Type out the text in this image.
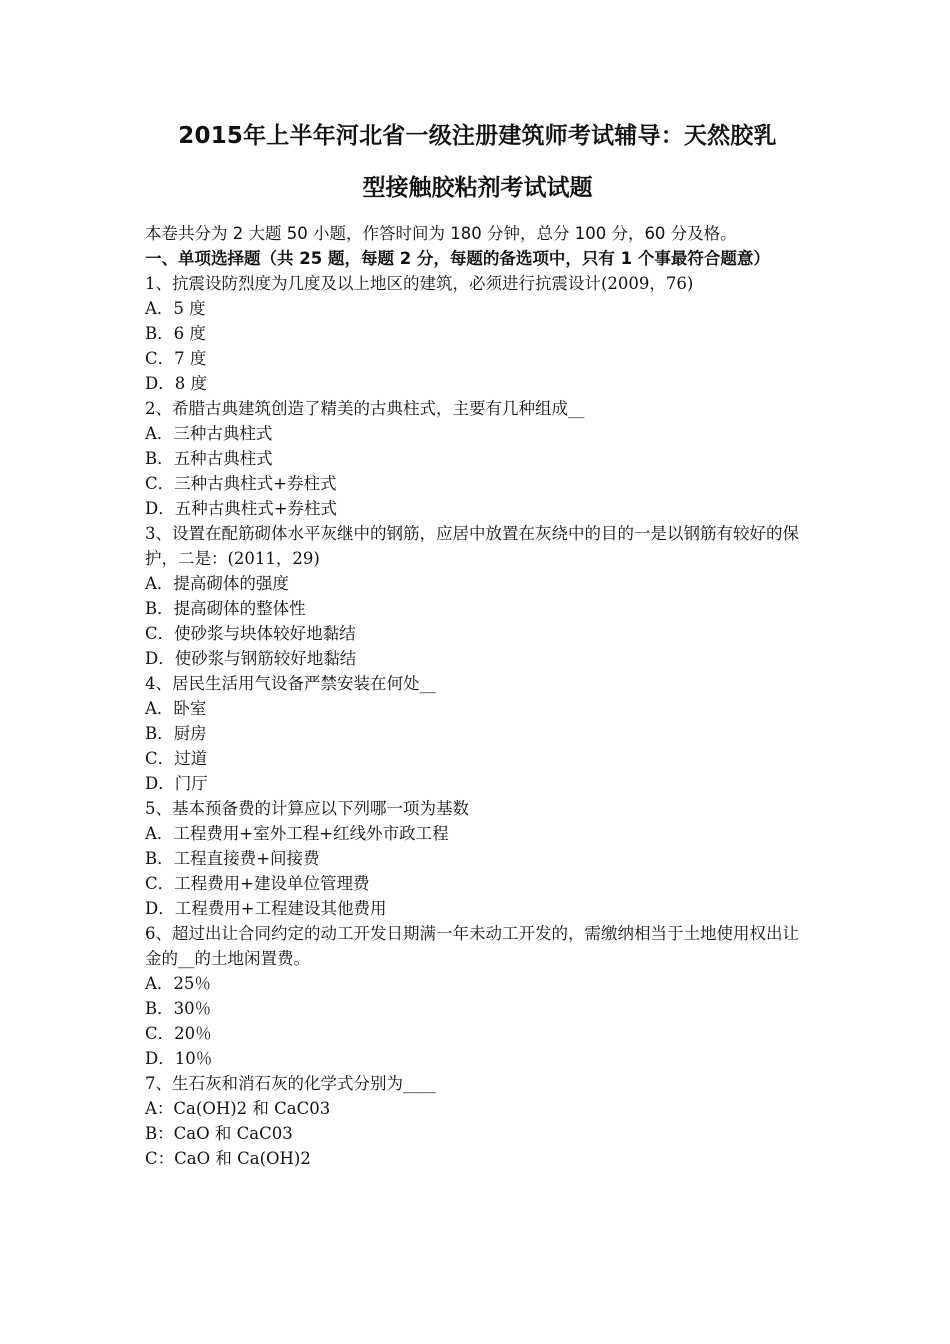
2015年上半年河北省一级注册建筑师考试辅导：天然胶乳
型接触胶粘剂考试试题
本卷共分为 2 大题 50 小题，作答时间为 180 分钟，总分 100 分，60 分及格。
一、单项选择题（共 25 题，每题 2 分，每题的备选项中，只有 1 个事最符合题意）
1、抗震设防烈度为几度及以上地区的建筑，必须进行抗震设计(2009，76)
A．5 度
B．6 度
C．7 度
D．8 度
2、希腊古典建筑创造了精美的古典柱式，主要有几种组成__
A．三种古典柱式
B．五种古典柱式
C．三种古典柱式+券柱式
D．五种古典柱式+券柱式
3、设置在配筋砌体水平灰继中的钢筋，应居中放置在灰绕中的目的一是以钢筋有较好的保护，二是：(2011，29)
A．提高砌体的强度
B．提高砌体的整体性
C．使砂浆与块体较好地黏结
D．使砂浆与钢筋较好地黏结
4、居民生活用气设备严禁安装在何处__
A．卧室
B．厨房
C．过道
D．门厅
5、基本预备费的计算应以下列哪一项为基数
A．工程费用+室外工程+红线外市政工程
B．工程直接费+间接费
C．工程费用+建设单位管理费
D．工程费用+工程建设其他费用
6、超过出让合同约定的动工开发日期满一年未动工开发的，需缴纳相当于土地使用权出让金的__的土地闲置费。
A．25％
B．30％
C．20％
D．10％
7、生石灰和消石灰的化学式分别为____
A：Ca(OH)2 和 CaC03
B：CaO 和 CaC03
C：CaO 和 Ca(OH)2
